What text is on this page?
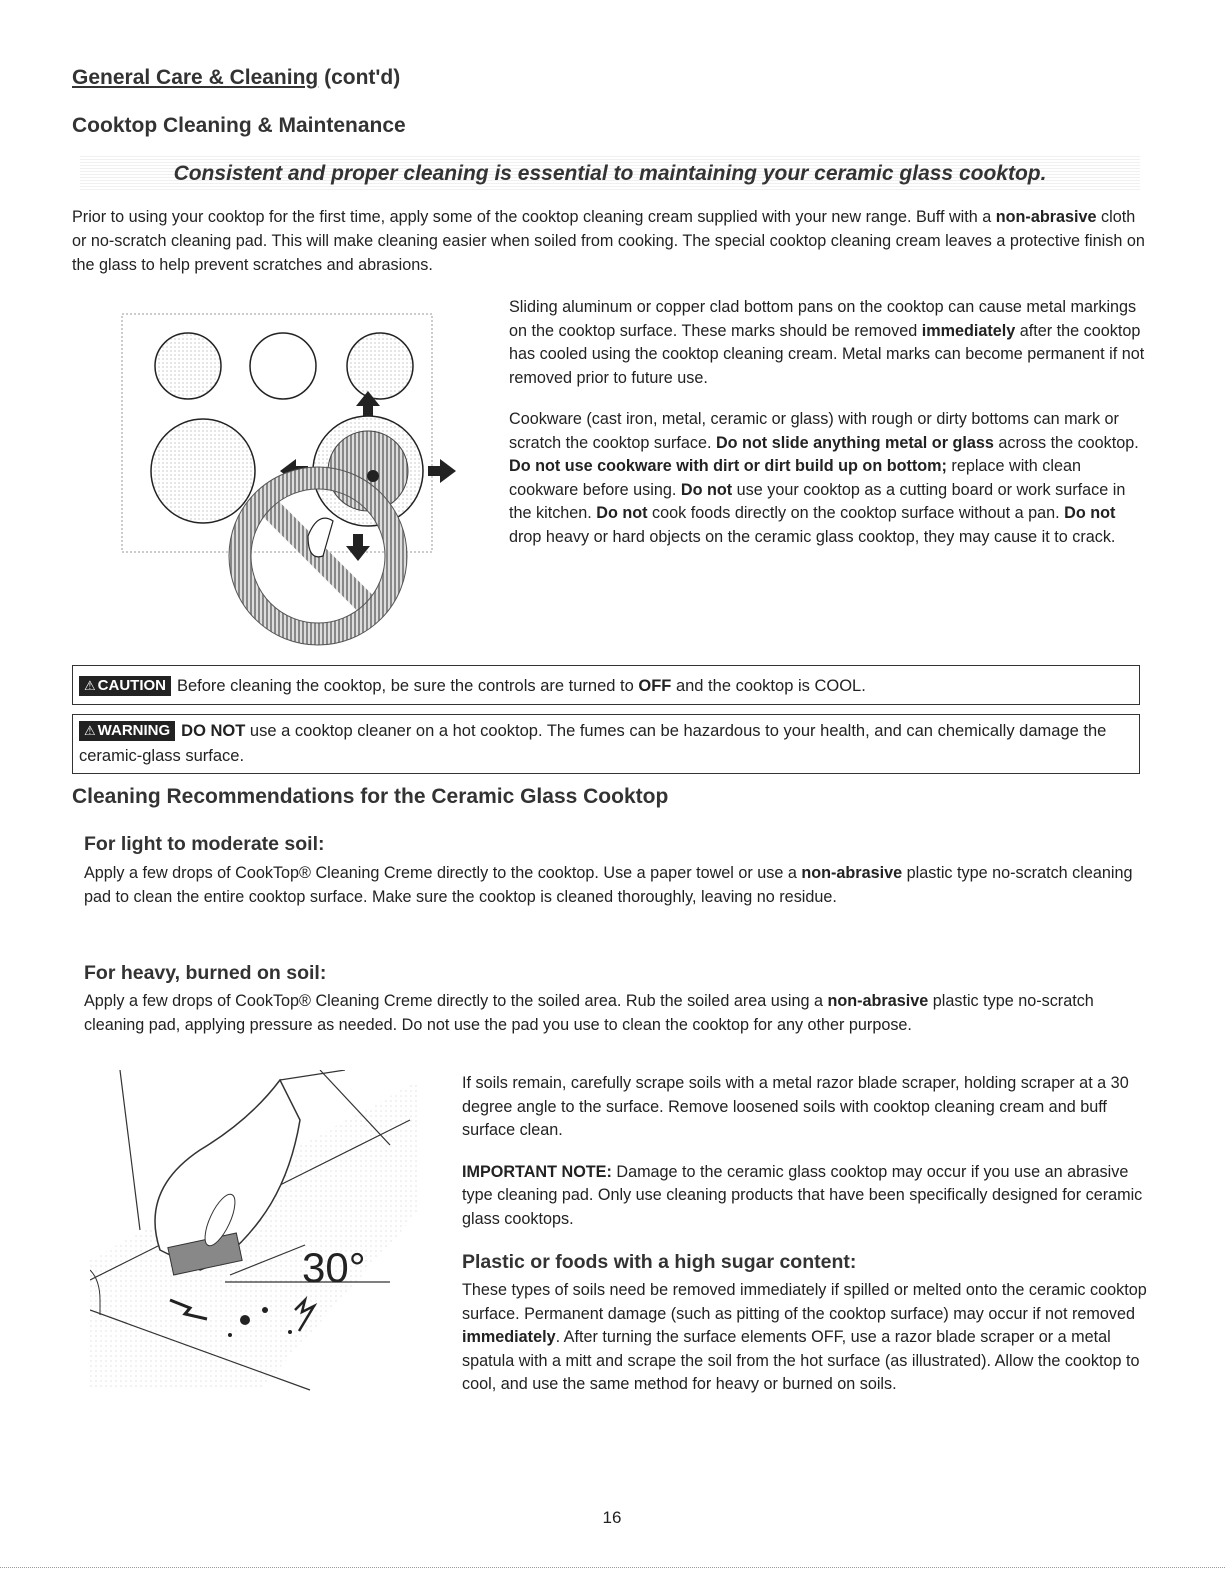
General Care & Cleaning (cont'd)
Cooktop Cleaning & Maintenance
Consistent and proper cleaning is essential to maintaining your ceramic glass cooktop.
Prior to using your cooktop for the first time, apply some of the cooktop cleaning cream supplied with your new range. Buff with a non-abrasive cloth or no-scratch cleaning pad. This will make cleaning easier when soiled from cooking. The special cooktop cleaning cream leaves a protective finish on the glass to help prevent scratches and abrasions.

Sliding aluminum or copper clad bottom pans on the cooktop can cause metal markings on the cooktop surface. These marks should be removed immediately after the cooktop has cooled using the cooktop cleaning cream. Metal marks can become permanent if not removed prior to future use.

Cookware (cast iron, metal, ceramic or glass) with rough or dirty bottoms can mark or scratch the cooktop surface. Do not slide anything metal or glass across the cooktop. Do not use cookware with dirt or dirt build up on bottom; replace with clean cookware before using. Do not use your cooktop as a cutting board or work surface in the kitchen. Do not cook foods directly on the cooktop surface without a pan. Do not drop heavy or hard objects on the ceramic glass cooktop, they may cause it to crack.

⚠ CAUTION Before cleaning the cooktop, be sure the controls are turned to OFF and the cooktop is COOL.
⚠ WARNING DO NOT use a cooktop cleaner on a hot cooktop. The fumes can be hazardous to your health, and can chemically damage the ceramic-glass surface.
Cleaning Recommendations for the Ceramic Glass Cooktop
For light to moderate soil:
Apply a few drops of CookTop® Cleaning Creme directly to the cooktop. Use a paper towel or use a non-abrasive plastic type no-scratch cleaning pad to clean the entire cooktop surface. Make sure the cooktop is cleaned thoroughly, leaving no residue.
For heavy, burned on soil:
Apply a few drops of CookTop® Cleaning Creme directly to the soiled area. Rub the soiled area using a non-abrasive plastic type no-scratch cleaning pad, applying pressure as needed. Do not use the pad you use to clean the cooktop for any other purpose.
30°

If soils remain, carefully scrape soils with a metal razor blade scraper, holding scraper at a 30 degree angle to the surface. Remove loosened soils with cooktop cleaning cream and buff surface clean.

IMPORTANT NOTE: Damage to the ceramic glass cooktop may occur if you use an abrasive type cleaning pad. Only use cleaning products that have been specifically designed for ceramic glass cooktops.

Plastic or foods with a high sugar content:

These types of soils need be removed immediately if spilled or melted onto the ceramic cooktop surface. Permanent damage (such as pitting of the cooktop surface) may occur if not removed immediately. After turning the surface elements OFF, use a razor blade scraper or a metal spatula with a mitt and scrape the soil from the hot surface (as illustrated). Allow the cooktop to cool, and use the same method for heavy or burned on soils.

16
